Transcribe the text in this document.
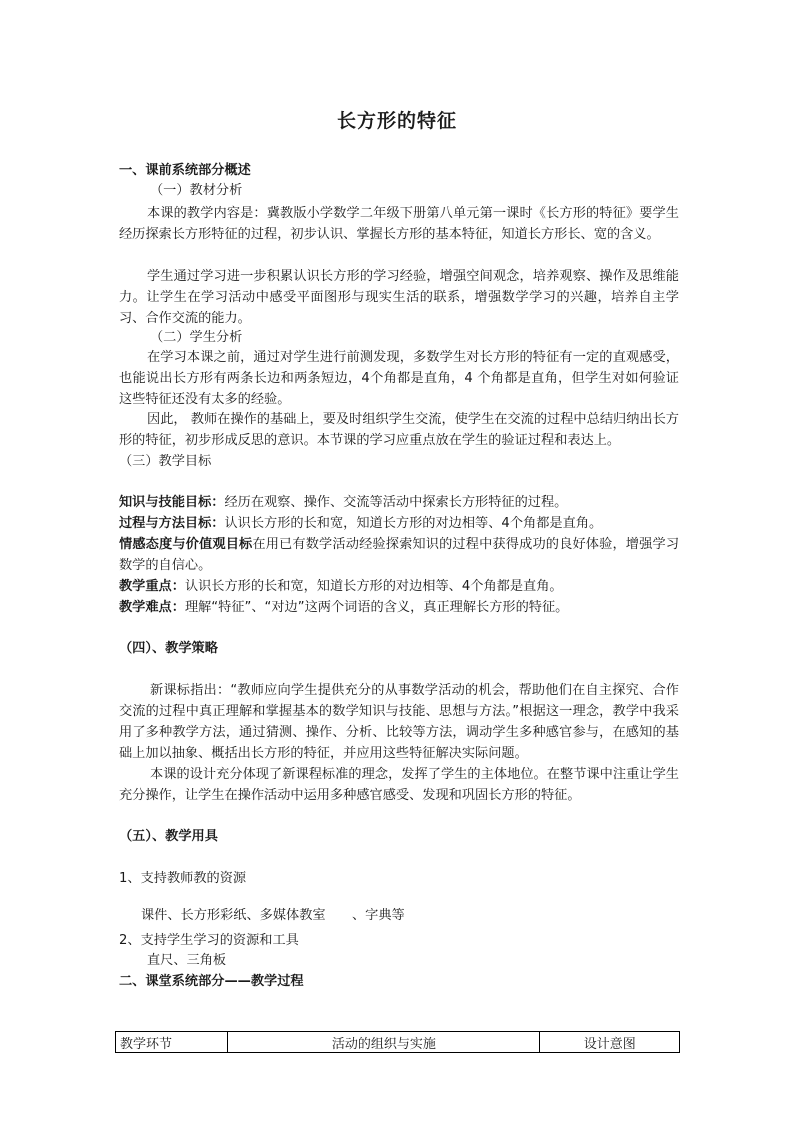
长方形的特征
一、课前系统部分概述
（一）教材分析
本课的教学内容是：冀教版小学数学二年级下册第八单元第一课时《长方形的特征》要学生经历探索长方形特征的过程，初步认识、掌握长方形的基本特征，知道长方形长、宽的含义。
学生通过学习进一步积累认识长方形的学习经验，增强空间观念，培养观察、操作及思维能力。让学生在学习活动中感受平面图形与现实生活的联系，增强数学学习的兴趣，培养自主学习、合作交流的能力。
（二）学生分析
在学习本课之前，通过对学生进行前测发现，多数学生对长方形的特征有一定的直观感受，也能说出长方形有两条长边和两条短边，4个角都是直角，4 个角都是直角，但学生对如何验证这些特征还没有太多的经验。
因此， 教师在操作的基础上，要及时组织学生交流，使学生在交流的过程中总结归纳出长方形的特征，初步形成反思的意识。本节课的学习应重点放在学生的验证过程和表达上。
（三）教学目标
知识与技能目标：经历在观察、操作、交流等活动中探索长方形特征的过程。
过程与方法目标：认识长方形的长和宽，知道长方形的对边相等、4个角都是直角。
情感态度与价值观目标在用已有数学活动经验探索知识的过程中获得成功的良好体验，增强学习数学的自信心。
教学重点：认识长方形的长和宽，知道长方形的对边相等、4个角都是直角。
教学难点：理解“特征”、“对边”这两个词语的含义，真正理解长方形的特征。
（四）、教学策略
新课标指出：“教师应向学生提供充分的从事数学活动的机会，帮助他们在自主探究、合作交流的过程中真正理解和掌握基本的数学知识与技能、思想与方法。”根据这一理念，教学中我采用了多种教学方法，通过猜测、操作、分析、比较等方法，调动学生多种感官参与，在感知的基础上加以抽象、概括出长方形的特征，并应用这些特征解决实际问题。
本课的设计充分体现了新课程标准的理念，发挥了学生的主体地位。在整节课中注重让学生充分操作，让学生在操作活动中运用多种感官感受、发现和巩固长方形的特征。
（五）、教学用具
1、支持教师教的资源
课件、长方形彩纸、多媒体教室　　、字典等
2、支持学生学习的资源和工具
直尺、三角板
二、课堂系统部分——教学过程
教学环节	活动的组织与实施	设计意图
